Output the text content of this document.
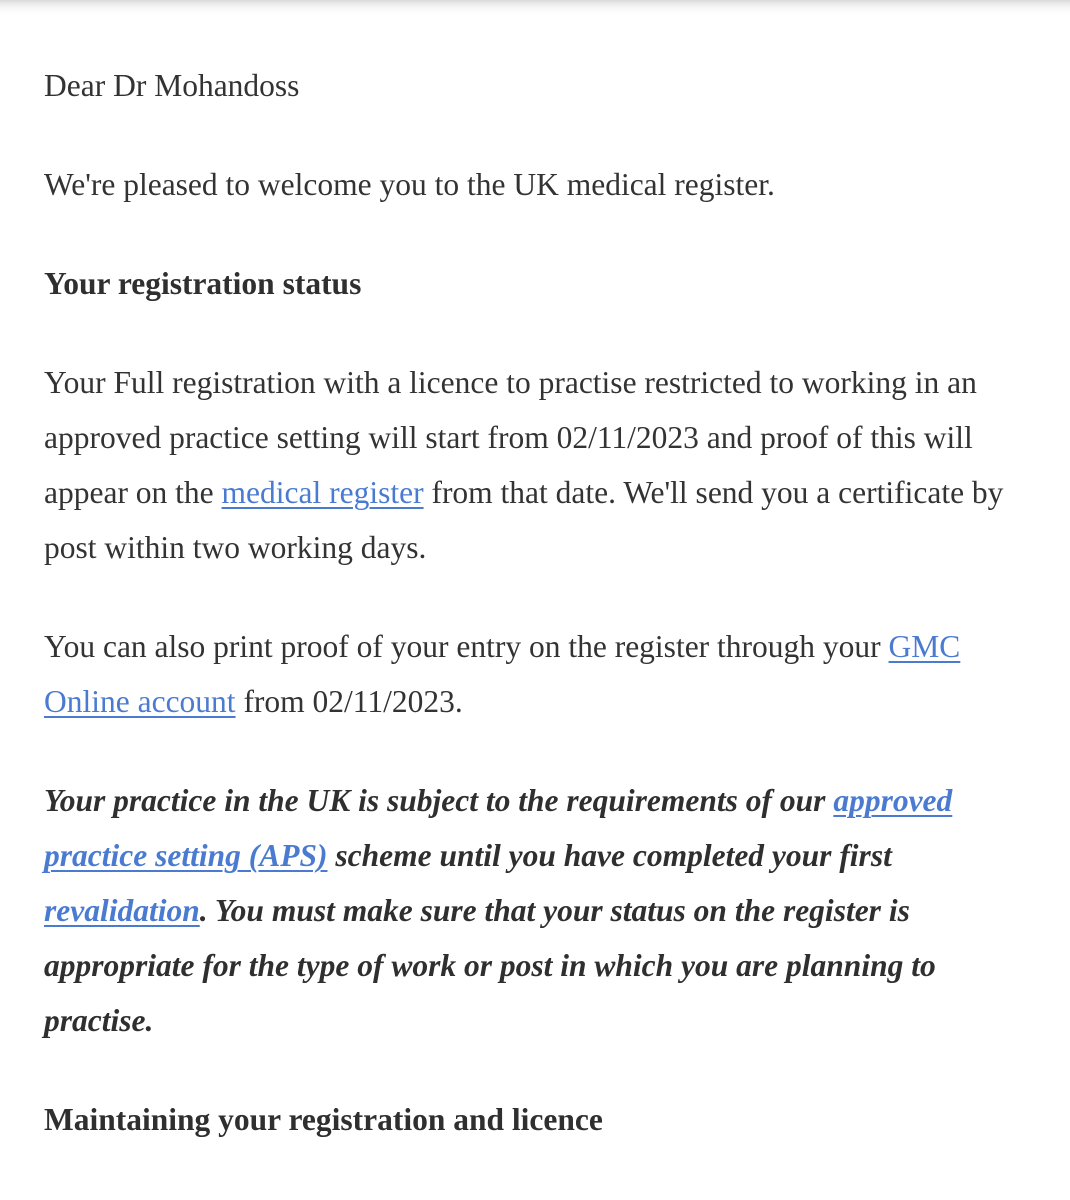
Dear Dr Mohandoss

We're pleased to welcome you to the UK medical register.

Your registration status

Your Full registration with a licence to practise restricted to working in an approved practice setting will start from 02/11/2023 and proof of this will appear on the medical register from that date. We'll send you a certificate by post within two working days.

You can also print proof of your entry on the register through your GMC Online account from 02/11/2023.

Your practice in the UK is subject to the requirements of our approved practice setting (APS) scheme until you have completed your first revalidation. You must make sure that your status on the register is appropriate for the type of work or post in which you are planning to practise.

Maintaining your registration and licence
